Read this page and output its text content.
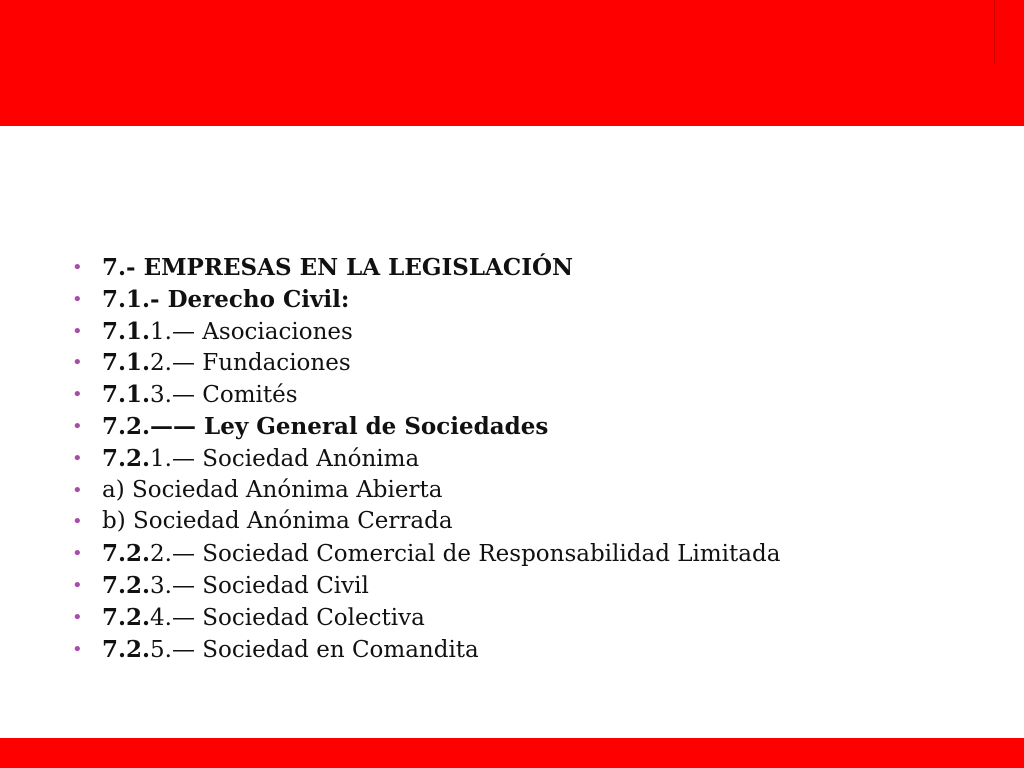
• 7.- EMPRESAS EN LA LEGISLACIÓN
• 7.1.- Derecho Civil:
• 7.1.1.— Asociaciones
• 7.1.2.— Fundaciones
• 7.1.3.— Comités
• 7.2.—— Ley General de Sociedades
• 7.2.1.— Sociedad Anónima
• a) Sociedad Anónima Abierta
• b) Sociedad Anónima Cerrada
• 7.2.2.— Sociedad Comercial de Responsabilidad Limitada
• 7.2.3.— Sociedad Civil
• 7.2.4.— Sociedad Colectiva
• 7.2.5.— Sociedad en Comandita
